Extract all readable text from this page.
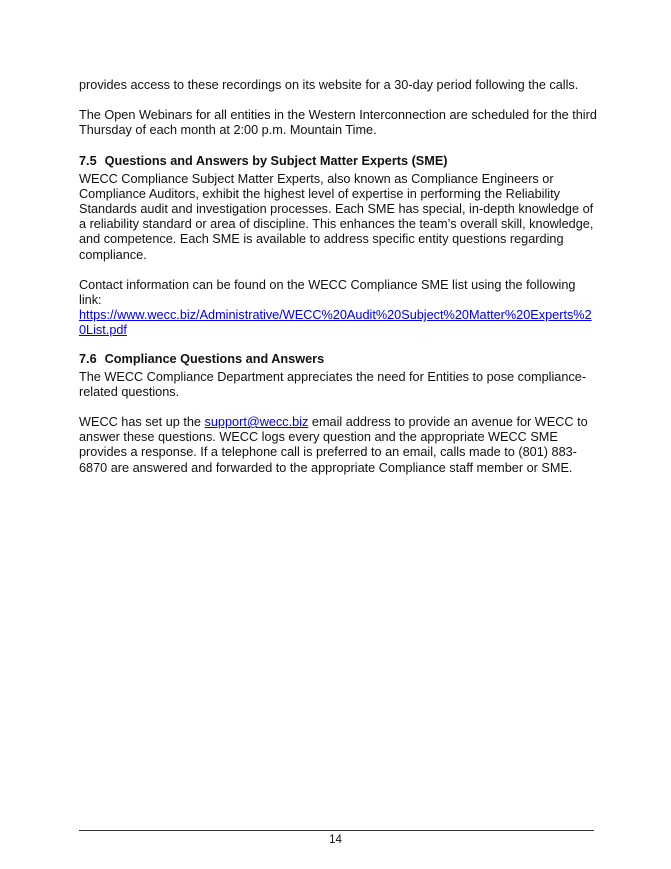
provides access to these recordings on its website for a 30-day period following the calls.

The Open Webinars for all entities in the Western Interconnection are scheduled for the third Thursday of each month at 2:00 p.m. Mountain Time.

7.5 Questions and Answers by Subject Matter Experts (SME)

WECC Compliance Subject Matter Experts, also known as Compliance Engineers or Compliance Auditors, exhibit the highest level of expertise in performing the Reliability Standards audit and investigation processes. Each SME has special, in-depth knowledge of a reliability standard or area of discipline. This enhances the team’s overall skill, knowledge, and competence. Each SME is available to address specific entity questions regarding compliance.

Contact information can be found on the WECC Compliance SME list using the following link:
https://www.wecc.biz/Administrative/WECC%20Audit%20Subject%20Matter%20Experts%20List.pdf

7.6 Compliance Questions and Answers

The WECC Compliance Department appreciates the need for Entities to pose compliance-related questions.

WECC has set up the support@wecc.biz email address to provide an avenue for WECC to answer these questions. WECC logs every question and the appropriate WECC SME provides a response. If a telephone call is preferred to an email, calls made to (801) 883-6870 are answered and forwarded to the appropriate Compliance staff member or SME.

14
